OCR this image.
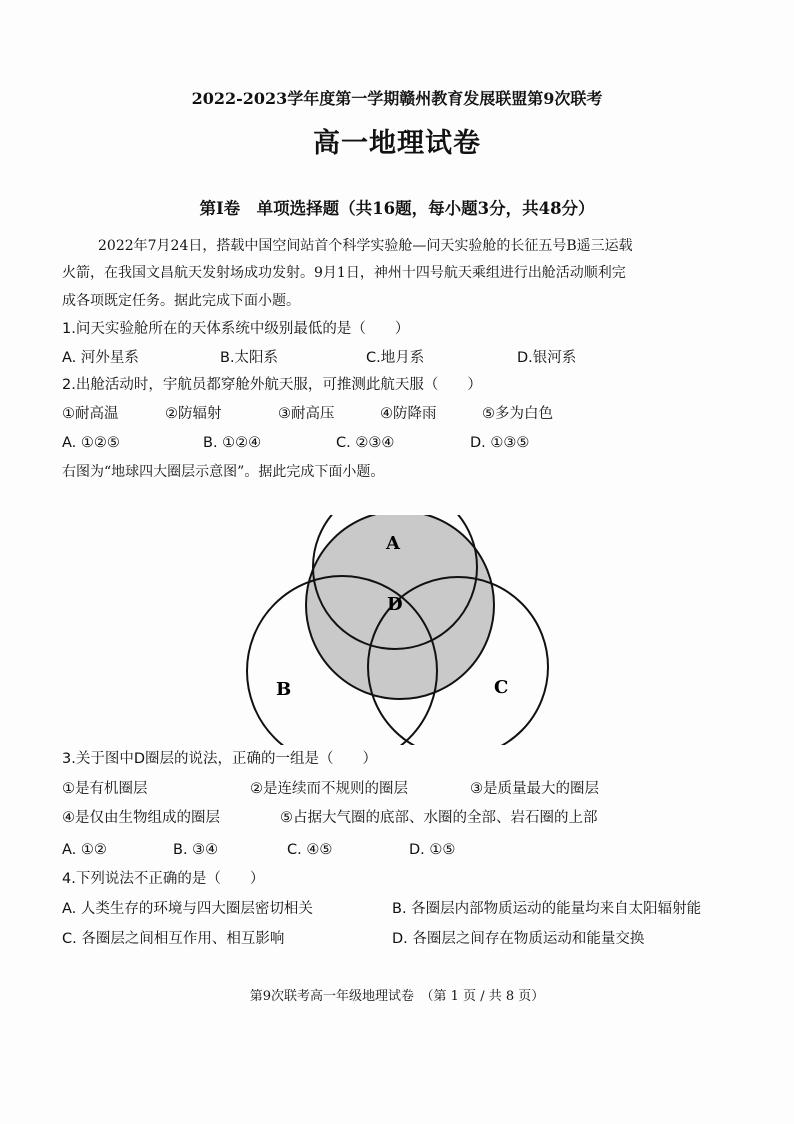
2022-2023学年度第一学期赣州教育发展联盟第9次联考
高一地理试卷
第Ⅰ卷　单项选择题（共16题，每小题3分，共48分）
2022年7月24日，搭载中国空间站首个科学实验舱—问天实验舱的长征五号B遥三运载
火箭，在我国文昌航天发射场成功发射。9月1日，神州十四号航天乘组进行出舱活动顺利完
成各项既定任务。据此完成下面小题。
1.问天实验舱所在的天体系统中级别最低的是（　　）
A. 河外星系	B.太阳系	C.地月系	D.银河系
2.出舱活动时，宇航员都穿舱外航天服，可推测此航天服（　　）
①耐高温	②防辐射	③耐高压	④防降雨	⑤多为白色
A. ①②⑤	B. ①②④	C. ②③④	D. ①③⑤
右图为“地球四大圈层示意图”。据此完成下面小题。
A
B	C
D
3.关于图中D圈层的说法，正确的一组是（　　）
①是有机圈层	②是连续而不规则的圈层	③是质量最大的圈层
④是仅由生物组成的圈层	⑤占据大气圈的底部、水圈的全部、岩石圈的上部
A. ①②	B. ③④	C. ④⑤	D. ①⑤
4.下列说法不正确的是（　　）
A. 人类生存的环境与四大圈层密切相关	B. 各圈层内部物质运动的能量均来自太阳辐射能
C. 各圈层之间相互作用、相互影响	D. 各圈层之间存在物质运动和能量交换
第9次联考高一年级地理试卷　（第 1 页 / 共 8 页）
